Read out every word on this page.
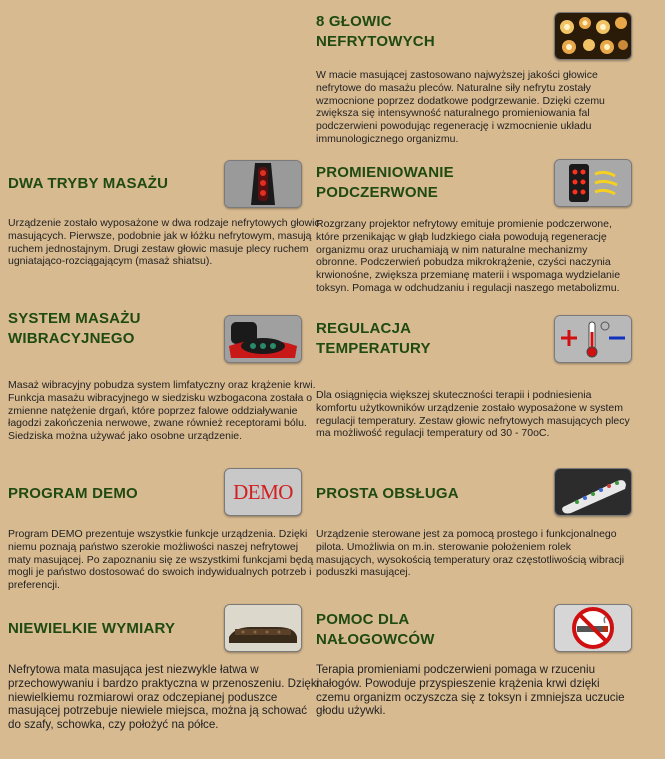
8 GŁOWIC NEFRYTOWYCH
W macie masującej zastosowano najwyższej jakości głowice nefrytowe do masażu pleców. Naturalne siły nefrytu zostały wzmocnione poprzez dodatkowe podgrzewanie. Dzięki czemu zwiększa się intensywność naturalnego promieniowania fal podczerwieni powodując regenerację i wzmocnienie układu immunologicznego organizmu.
DWA TRYBY MASAŻU
Urządzenie zostało wyposażone w dwa rodzaje nefrytowych głowic masujących. Pierwsze, podobnie jak w łóżku nefrytowym, masują ruchem jednostajnym. Drugi zestaw głowic masuje plecy ruchem ugniatająco-rozciągającym (masaż shiatsu).
PROMIENIOWANIE PODCZERWONE
Rozgrzany projektor nefrytowy emituje promienie podczerwone, które przenikając w głąb ludzkiego ciała powodują regenerację organizmu oraz uruchamiają w nim naturalne mechanizmy obronne. Podczerwień pobudza mikrokrążenie, czyści naczynia krwionośne, zwiększa przemianę materii i wspomaga wydzielanie toksyn. Pomaga w odchudzaniu i regulacji naszego metabolizmu.
SYSTEM MASAŻU WIBRACYJNEGO
Masaż wibracyjny pobudza system limfatyczny oraz krążenie krwi. Funkcja masażu wibracyjnego w siedzisku wzbogacona została o zmienne natężenie drgań, które poprzez falowe oddziaływanie łagodzi zakończenia nerwowe, zwane również receptorami bólu. Siedziska można używać jako osobne urządzenie.
REGULACJA TEMPERATURY
Dla osiągnięcia większej skuteczności terapii i podniesienia komfortu użytkowników urządzenie zostało wyposażone w system regulacji temperatury. Zestaw głowic nefrytowych masujących plecy ma możliwość regulacji temperatury od 30 - 70oC.
PROGRAM DEMO	DEMO
Program DEMO prezentuje wszystkie funkcje urządzenia. Dzięki niemu poznają państwo szerokie możliwości naszej nefrytowej maty masującej. Po zapoznaniu się ze wszystkimi funkcjami będą mogli je państwo dostosować do swoich indywidualnych potrzeb i preferencji.
PROSTA OBSŁUGA
Urządzenie sterowane jest za pomocą prostego i funkcjonalnego pilota. Umożliwia on m.in. sterowanie położeniem rolek masujących, wysokością temperatury oraz częstotliwością wibracji poduszki masującej.
NIEWIELKIE WYMIARY
Nefrytowa mata masująca jest niezwykle łatwa w przechowywaniu i bardzo praktyczna w przenoszeniu. Dzięki niewielkiemu rozmiarowi oraz odczepianej poduszce masującej potrzebuje niewiele miejsca, można ją schować do szafy, schowka, czy położyć na półce.
POMOC DLA NAŁOGOWCÓW
Terapia promieniami podczerwieni pomaga w rzuceniu nałogów. Powoduje przyspieszenie krążenia krwi dzięki czemu organizm oczyszcza się z toksyn i zmniejsza uczucie głodu używki.
